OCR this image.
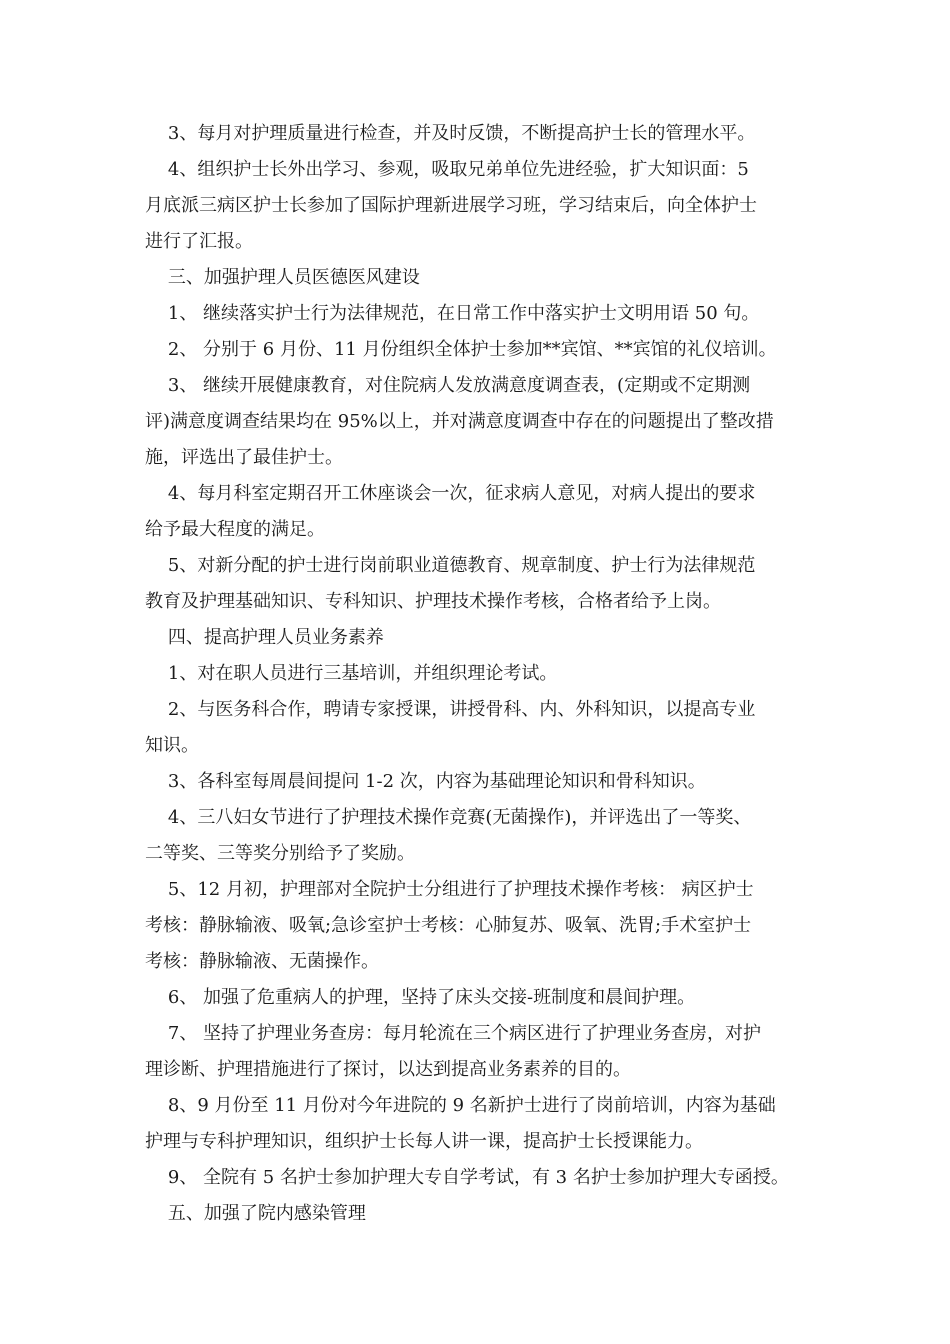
3、每月对护理质量进行检查，并及时反馈，不断提高护士长的管理水平。
4、组织护士长外出学习、参观，吸取兄弟单位先进经验，扩大知识面：5
月底派三病区护士长参加了国际护理新进展学习班，学习结束后，向全体护士
进行了汇报。
三、加强护理人员医德医风建设
1、 继续落实护士行为法律规范，在日常工作中落实护士文明用语 50 句。
2、 分别于 6 月份、11 月份组织全体护士参加**宾馆、**宾馆的礼仪培训。
3、 继续开展健康教育，对住院病人发放满意度调查表，(定期或不定期测
评)满意度调查结果均在 95%以上，并对满意度调查中存在的问题提出了整改措
施，评选出了最佳护士。
4、每月科室定期召开工休座谈会一次，征求病人意见，对病人提出的要求
给予最大程度的满足。
5、对新分配的护士进行岗前职业道德教育、规章制度、护士行为法律规范
教育及护理基础知识、专科知识、护理技术操作考核，合格者给予上岗。
四、提高护理人员业务素养
1、对在职人员进行三基培训，并组织理论考试。
2、与医务科合作，聘请专家授课，讲授骨科、内、外科知识，以提高专业
知识。
3、各科室每周晨间提问 1-2 次，内容为基础理论知识和骨科知识。
4、三八妇女节进行了护理技术操作竞赛(无菌操作)，并评选出了一等奖、
二等奖、三等奖分别给予了奖励。
5、12 月初，护理部对全院护士分组进行了护理技术操作考核： 病区护士
考核：静脉输液、吸氧;急诊室护士考核：心肺复苏、吸氧、洗胃;手术室护士
考核：静脉输液、无菌操作。
6、 加强了危重病人的护理，坚持了床头交接-班制度和晨间护理。
7、 坚持了护理业务查房：每月轮流在三个病区进行了护理业务查房，对护
理诊断、护理措施进行了探讨，以达到提高业务素养的目的。
8、9 月份至 11 月份对今年进院的 9 名新护士进行了岗前培训，内容为基础
护理与专科护理知识，组织护士长每人讲一课，提高护士长授课能力。
9、 全院有 5 名护士参加护理大专自学考试，有 3 名护士参加护理大专函授。
五、加强了院内感染管理
